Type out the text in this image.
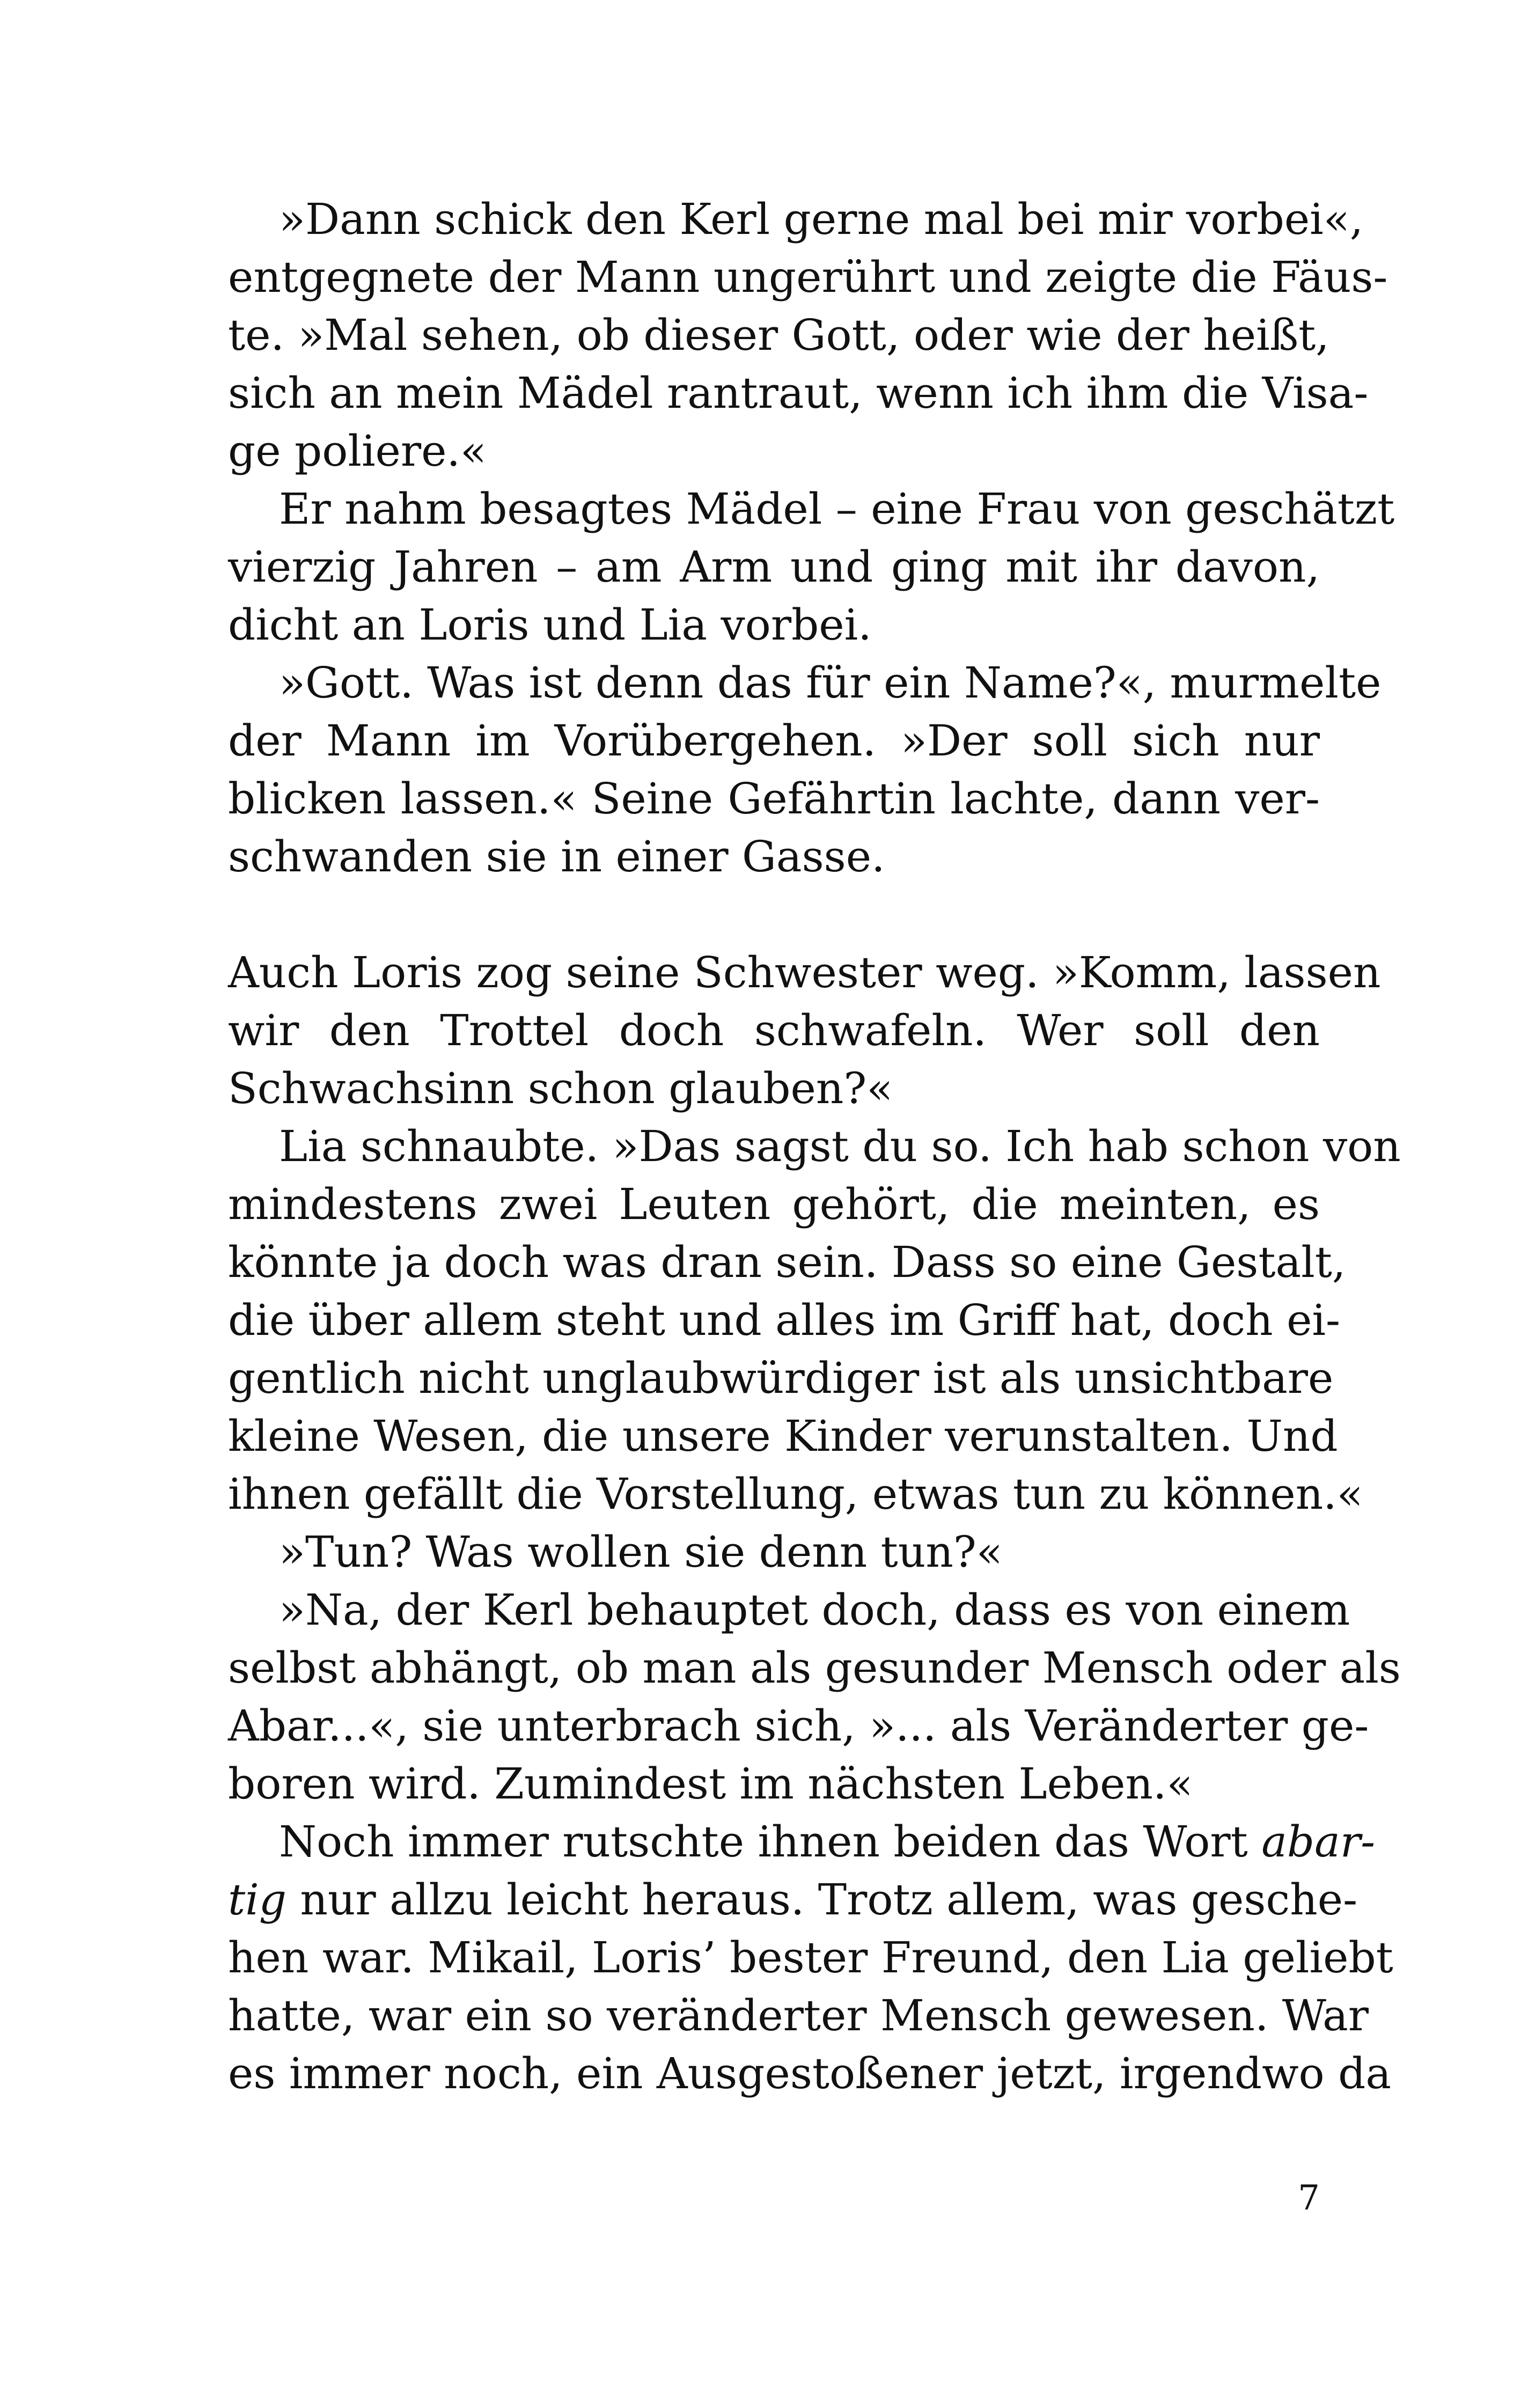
»Dann schick den Kerl gerne mal bei mir vorbei«,
entgegnete der Mann ungerührt und zeigte die Fäus-
te. »Mal sehen, ob dieser Gott, oder wie der heißt,
sich an mein Mädel rantraut, wenn ich ihm die Visa-
ge poliere.«
Er nahm besagtes Mädel – eine Frau von geschätzt
vierzig Jahren – am Arm und ging mit ihr davon,
dicht an Loris und Lia vorbei.
»Gott. Was ist denn das für ein Name?«, murmelte
der Mann im Vorübergehen. »Der soll sich nur
blicken lassen.« Seine Gefährtin lachte, dann ver-
schwanden sie in einer Gasse.
Auch Loris zog seine Schwester weg. »Komm, lassen
wir den Trottel doch schwafeln. Wer soll den
Schwachsinn schon glauben?«
Lia schnaubte. »Das sagst du so. Ich hab schon von
mindestens zwei Leuten gehört, die meinten, es
könnte ja doch was dran sein. Dass so eine Gestalt,
die über allem steht und alles im Griff hat, doch ei-
gentlich nicht unglaubwürdiger ist als unsichtbare
kleine Wesen, die unsere Kinder verunstalten. Und
ihnen gefällt die Vorstellung, etwas tun zu können.«
»Tun? Was wollen sie denn tun?«
»Na, der Kerl behauptet doch, dass es von einem
selbst abhängt, ob man als gesunder Mensch oder als
Abar...«, sie unterbrach sich, »... als Veränderter ge-
boren wird. Zumindest im nächsten Leben.«
Noch immer rutschte ihnen beiden das Wort abar-
tig nur allzu leicht heraus. Trotz allem, was gesche-
hen war. Mikail, Loris’ bester Freund, den Lia geliebt
hatte, war ein so veränderter Mensch gewesen. War
es immer noch, ein Ausgestoßener jetzt, irgendwo da
7
